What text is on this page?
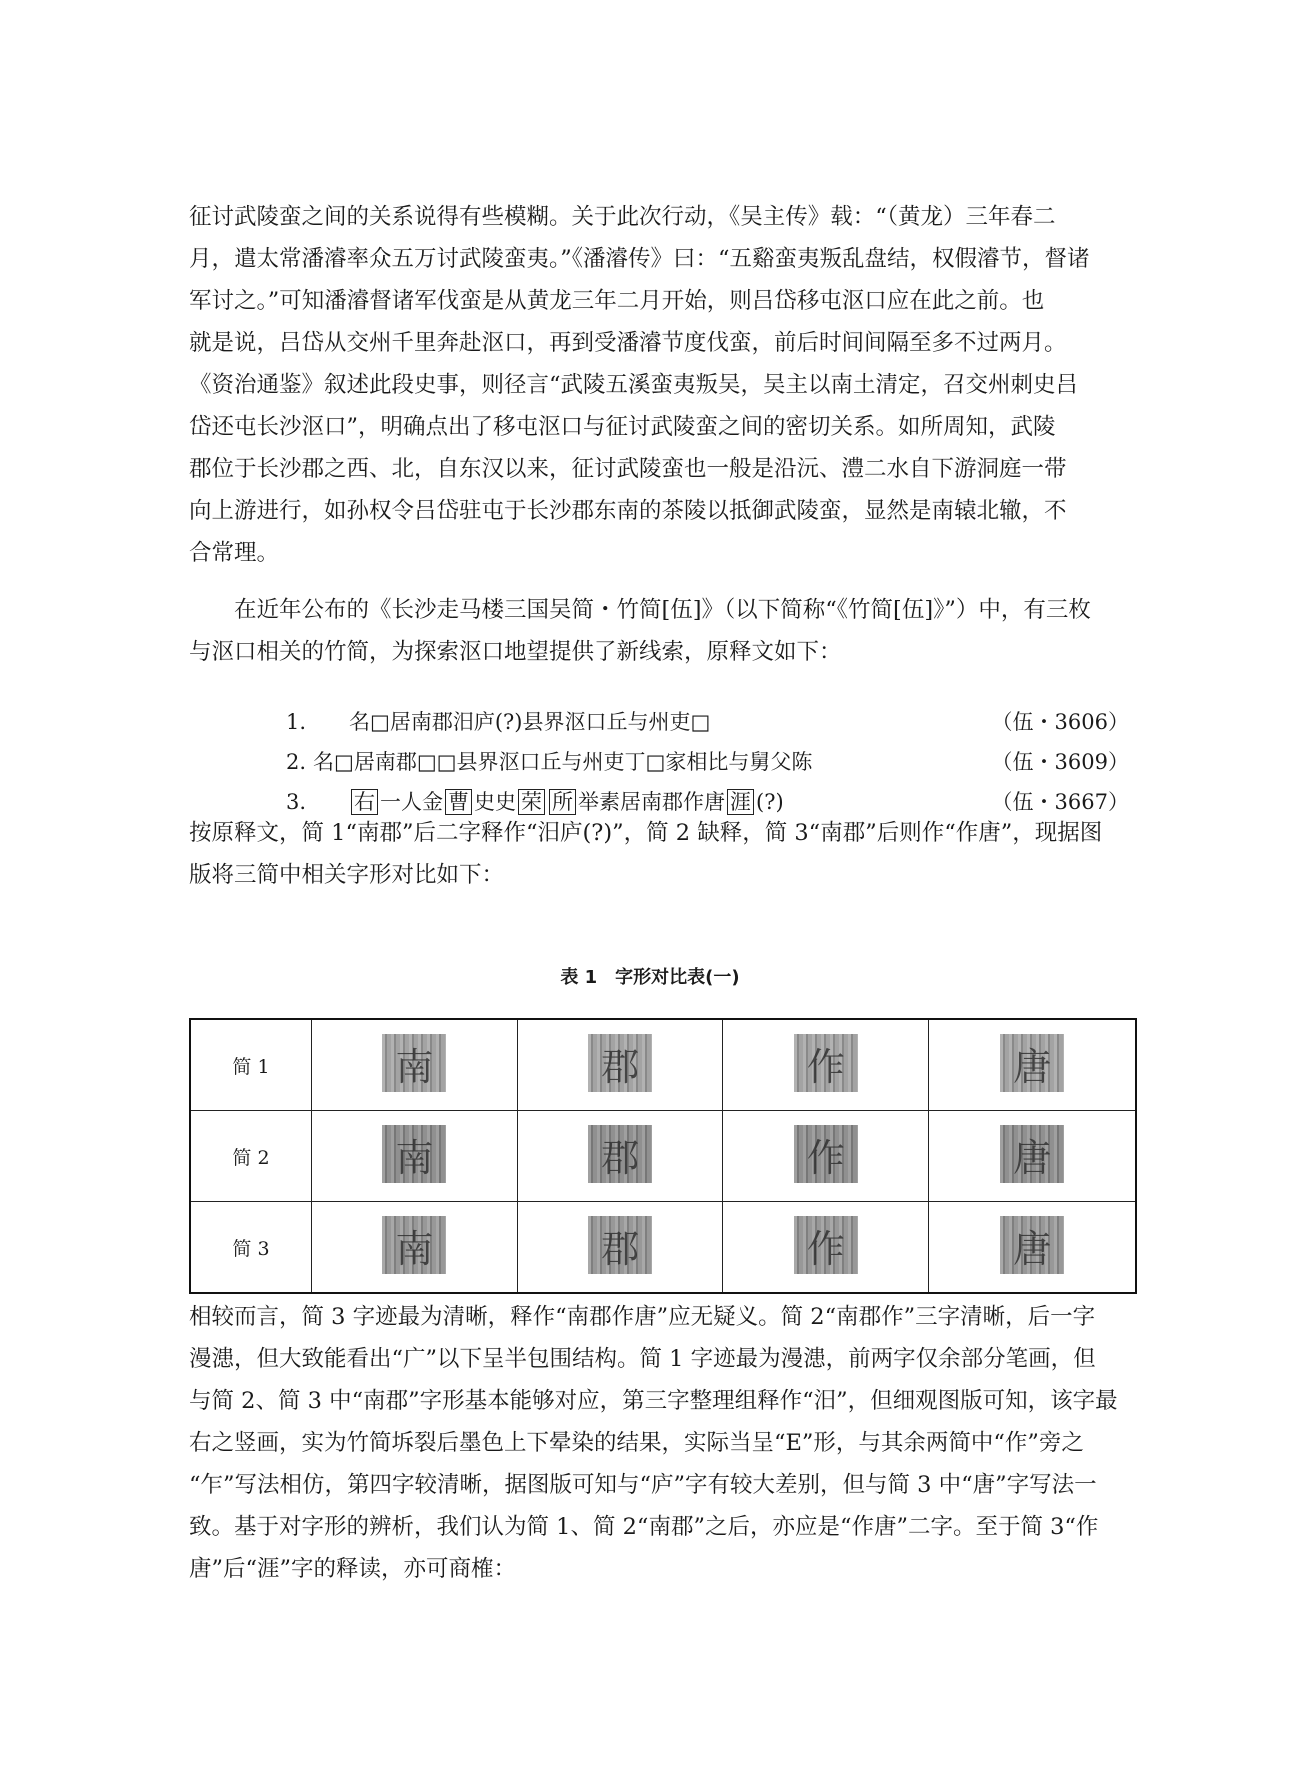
征讨武陵蛮之间的关系说得有些模糊。关于此次行动，《吴主传》载：“（黄龙）三年春二
月，遣太常潘濬率众五万讨武陵蛮夷。”《潘濬传》曰：“五谿蛮夷叛乱盘结，权假濬节，督诸
军讨之。”可知潘濬督诸军伐蛮是从黄龙三年二月开始，则吕岱移屯沤口应在此之前。也
就是说，吕岱从交州千里奔赴沤口，再到受潘濬节度伐蛮，前后时间间隔至多不过两月。
《资治通鉴》叙述此段史事，则径言“武陵五溪蛮夷叛吴，吴主以南土清定，召交州刺史吕
岱还屯长沙沤口”，明确点出了移屯沤口与征讨武陵蛮之间的密切关系。如所周知，武陵
郡位于长沙郡之西、北，自东汉以来，征讨武陵蛮也一般是沿沅、澧二水自下游洞庭一带
向上游进行，如孙权令吕岱驻屯于长沙郡东南的茶陵以抵御武陵蛮，显然是南辕北辙，不
合常理。
　　在近年公布的《长沙走马楼三国吴简・竹简[伍]》（以下简称“《竹简[伍]》”）中，有三枚
与沤口相关的竹简，为探索沤口地望提供了新线索，原释文如下：
1. 名□居南郡汨庐(?)县界沤口丘与州吏□	（伍・3606）
2. 名□居南郡□□县界沤口丘与州吏丁□家相比与舅父陈	（伍・3609）
3. 右 一人金 曹 史史 荣 所 举素居南郡作唐 涯 (?)	（伍・3667）
按原释文，简 1“南郡”后二字释作“汨庐(?)”，简 2 缺释，简 3“南郡”后则作“作唐”，现据图
版将三简中相关字形对比如下：
表 1　字形对比表(一)
简 1	南	郡	作	唐

简 2	南	郡	作	唐

简 3	南	郡	作	唐
相较而言，简 3 字迹最为清晰，释作“南郡作唐”应无疑义。简 2“南郡作”三字清晰，后一字
漫漶，但大致能看出“广”以下呈半包围结构。简 1 字迹最为漫漶，前两字仅余部分笔画，但
与简 2、简 3 中“南郡”字形基本能够对应，第三字整理组释作“汨”，但细观图版可知，该字最
右之竖画，实为竹简坼裂后墨色上下晕染的结果，实际当呈“E”形，与其余两简中“作”旁之
“乍”写法相仿，第四字较清晰，据图版可知与“庐”字有较大差别，但与简 3 中“唐”字写法一
致。基于对字形的辨析，我们认为简 1、简 2“南郡”之后，亦应是“作唐”二字。至于简 3“作
唐”后“涯”字的释读，亦可商榷：
